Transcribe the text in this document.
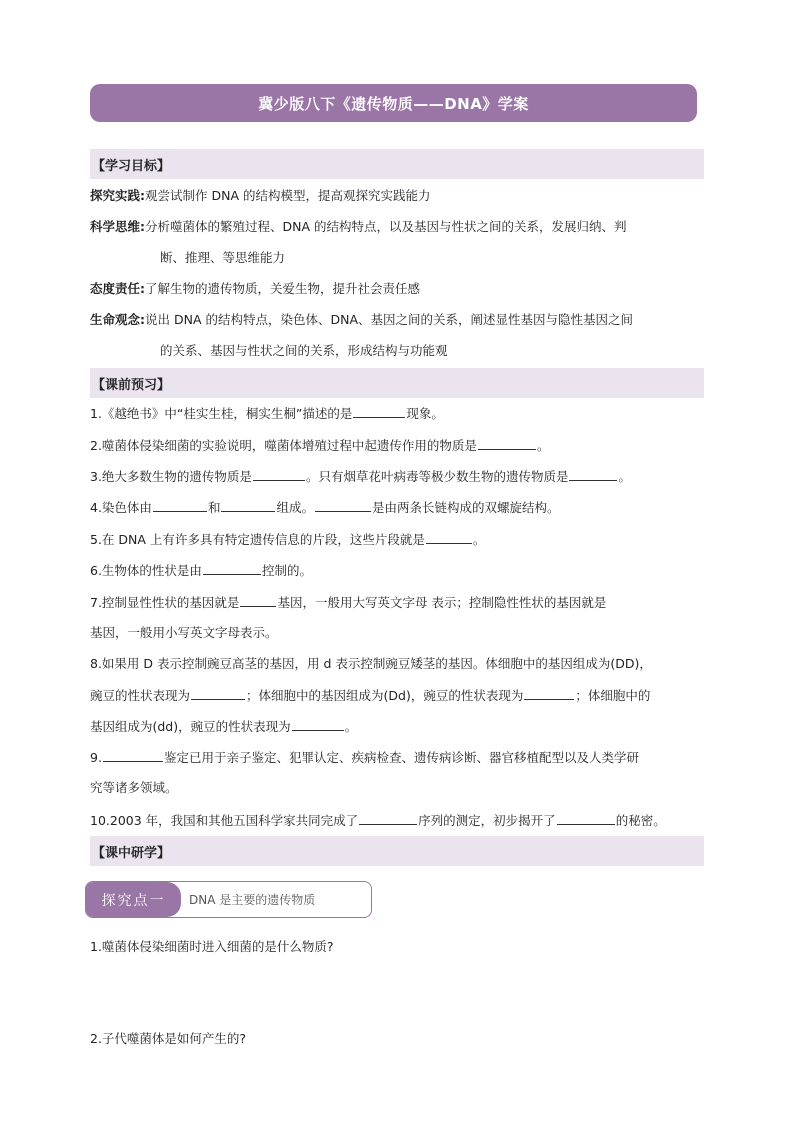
冀少版八下《遗传物质——DNA》学案
【学习目标】
探究实践:观尝试制作 DNA 的结构模型，提高观探究实践能力
科学思维:分析噬菌体的繁殖过程、DNA 的结构特点，以及基因与性状之间的关系，发展归纳、判
断、推理、等思维能力
态度责任:了解生物的遗传物质，关爱生物，提升社会责任感
生命观念:说出 DNA 的结构特点，染色体、DNA、基因之间的关系，阐述显性基因与隐性基因之间
的关系、基因与性状之间的关系，形成结构与功能观
【课前预习】
1.《越绝书》中“桂实生桂，桐实生桐”描述的是	现象。
2.噬菌体侵染细菌的实验说明，噬菌体增殖过程中起遗传作用的物质是	。
3.绝大多数生物的遗传物质是	。只有烟草花叶病毒等极少数生物的遗传物质是	。
4.染色体由	和	组成。	是由两条长链构成的双螺旋结构。
5.在 DNA 上有许多具有特定遗传信息的片段，这些片段就是	。
6.生物体的性状是由	控制的。
7.控制显性性状的基因就是	基因，一般用大写英文字母 表示；控制隐性性状的基因就是
基因，一般用小写英文字母表示。
8.如果用 D 表示控制豌豆高茎的基因，用 d 表示控制豌豆矮茎的基因。体细胞中的基因组成为(DD)，
豌豆的性状表现为	；体细胞中的基因组成为(Dd)，豌豆的性状表现为	；体细胞中的
基因组成为(dd)，豌豆的性状表现为	。
9.	鉴定已用于亲子鉴定、犯罪认定、疾病检查、遗传病诊断、器官移植配型以及人类学研
究等诸多领域。
10.2003 年，我国和其他五国科学家共同完成了	序列的测定，初步揭开了	的秘密。
【课中研学】
探究点一	DNA 是主要的遗传物质
1.噬菌体侵染细菌时进入细菌的是什么物质?
2.子代噬菌体是如何产生的?
